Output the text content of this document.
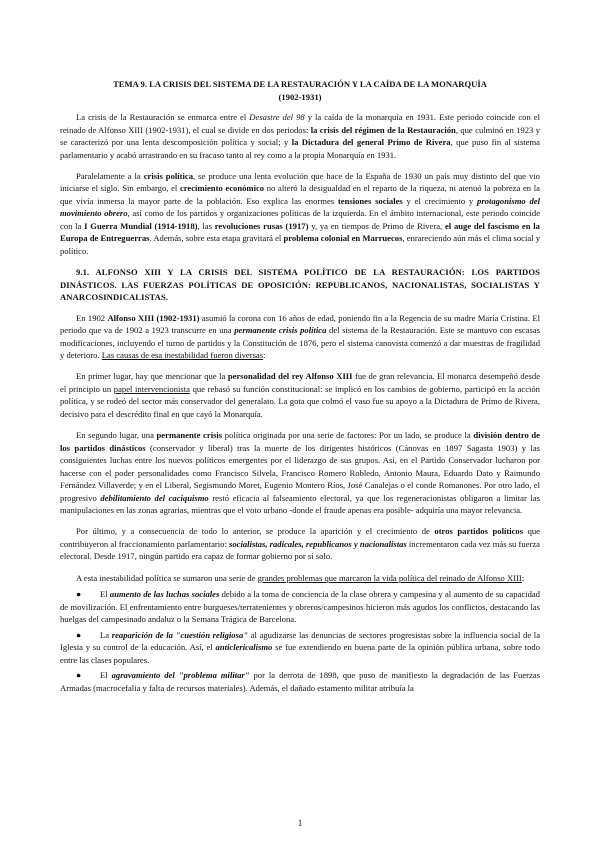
TEMA 9. LA CRISIS DEL SISTEMA DE LA RESTAURACIÓN Y LA CAÍDA DE LA MONARQUÍA
(1902-1931)

La crisis de la Restauración se enmarca entre el Desastre del 98 y la caída de la monarquía en 1931. Este periodo coincide con el reinado de Alfonso XIII (1902-1931), el cual se divide en dos periodos: la crisis del régimen de la Restauración, que culminó en 1923 y se caracterizó por una lenta descomposición política y social; y la Dictadura del general Primo de Rivera, que puso fin al sistema parlamentario y acabó arrastrando en su fracaso tanto al rey como a la propia Monarquía en 1931.

Paralelamente a la crisis política, se produce una lenta evolución que hace de la España de 1930 un país muy distinto del que vio iniciarse el siglo. Sin embargo, el crecimiento económico no alteró la desigualdad en el reparto de la riqueza, ni atenuó la pobreza en la que vivía inmersa la mayor parte de la población. Eso explica las enormes tensiones sociales y el crecimiento y protagonismo del movimiento obrero, así como de los partidos y organizaciones políticas de la izquierda. En el ámbito internacional, este periodo coincide con la I Guerra Mundial (1914-1918), las revoluciones rusas (1917) y, ya en tiempos de Primo de Rivera, el auge del fascismo en la Europa de Entreguerras. Además, sobre esta etapa gravitará el problema colonial en Marruecos, enrareciendo aún más el clima social y político.

9.1. ALFONSO XIII Y LA CRISIS DEL SISTEMA POLÍTICO DE LA RESTAURACIÓN: LOS PARTIDOS DINÁSTICOS. LAS FUERZAS POLÍTICAS DE OPOSICIÓN: REPUBLICANOS, NACIONALISTAS, SOCIALISTAS Y ANARCOSINDICALISTAS.

En 1902 Alfonso XIII (1902-1931) asumió la corona con 16 años de edad, poniendo fin a la Regencia de su madre María Cristina. El periodo que va de 1902 a 1923 transcurre en una permanente crisis política del sistema de la Restauración. Este se mantuvo con escasas modificaciones, incluyendo el turno de partidos y la Constitución de 1876, pero el sistema canovista comenzó a dar muestras de fragilidad y deterioro. Las causas de esa inestabilidad fueron diversas:

En primer lugar, hay que mencionar que la personalidad del rey Alfonso XIII fue de gran relevancia. El monarca desempeñó desde el principio un papel intervencionista que rebasó su función constitucional: se implicó en los cambios de gobierno, participó en la acción política, y se rodeó del sector más conservador del generalato. La gota que colmó el vaso fue su apoyo a la Dictadura de Primo de Rivera, decisivo para el descrédito final en que cayó la Monarquía.

En segundo lugar, una permanente crisis política originada por una serie de factores: Por un lado, se produce la división dentro de los partidos dinásticos (conservador y liberal) tras la muerte de los dirigentes históricos (Cánovas en 1897 Sagasta 1903) y las consiguientes luchas entre los nuevos políticos emergentes por el liderazgo de sus grupos. Así, en el Partido Conservador lucharon por hacerse con el poder personalidades como Francisco Silvela, Francisco Romero Robledo, Antonio Maura, Eduardo Dato y Raimundo Fernández Villaverde; y en el Liberal, Segismundo Moret, Eugenio Montero Ríos, José Canalejas o el conde Romanones. Por otro lado, el progresivo debilitamiento del caciquismo restó eficacia al falseamiento electoral, ya que los regeneracionistas obligaron a limitar las manipulaciones en las zonas agrarias, mientras que el voto urbano -donde el fraude apenas era posible- adquiría una mayor relevancia.

Por último, y a consecuencia de todo lo anterior, se produce la aparición y el crecimiento de otros partidos políticos que contribuyeron al fraccionamiento parlamentario: socialistas, radicales, republicanos y nacionalistas incrementaron cada vez más su fuerza electoral. Desde 1917, ningún partido era capaz de formar gobierno por sí solo.

A esta inestabilidad política se sumaron una serie de grandes problemas que marcaron la vida política del reinado de Alfonso XIII:

● El aumento de las luchas sociales debido a la toma de conciencia de la clase obrera y campesina y al aumento de su capacidad de movilización. El enfrentamiento entre burgueses/terratenientes y obreros/campesinos hicieron más agudos los conflictos, destacando las huelgas del campesinado andaluz o la Semana Trágica de Barcelona.

● La reaparición de la "cuestión religiosa" al agudizarse las denuncias de sectores progresistas sobre la influencia social de la Iglesia y su control de la educación. Así, el anticlericalismo se fue extendiendo en buena parte de la opinión pública urbana, sobre todo entre las clases populares.

● El agravamiento del "problema militar" por la derrota de 1898, que puso de manifiesto la degradación de las Fuerzas Armadas (macrocefalia y falta de recursos materiales). Además, el dañado estamento militar atribuía la

1
